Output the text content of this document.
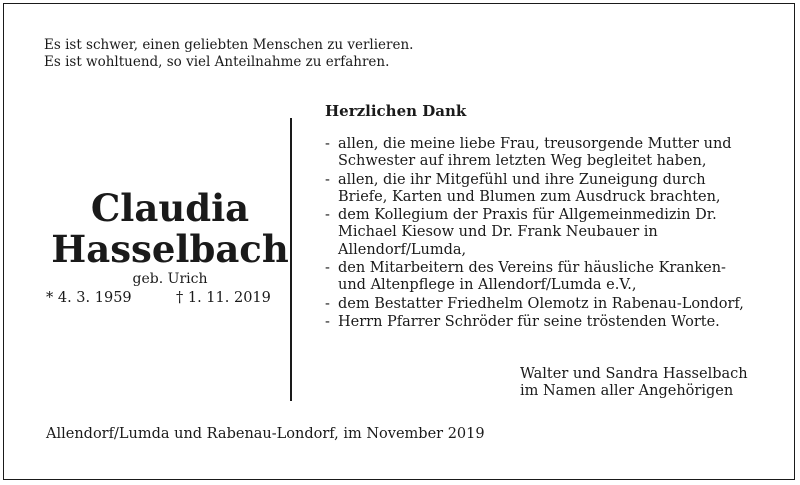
Es ist schwer, einen geliebten Menschen zu verlieren.
Es ist wohltuend, so viel Anteilnahme zu erfahren.
Claudia
Hasselbach
geb. Urich
* 4. 3. 1959	† 1. 11. 2019
Herzlichen Dank
- allen, die meine liebe Frau, treusorgende Mutter und Schwester auf ihrem letzten Weg begleitet haben,
- allen, die ihr Mitgefühl und ihre Zuneigung durch Briefe, Karten und Blumen zum Ausdruck brachten,
- dem Kollegium der Praxis für Allgemeinmedizin Dr. Michael Kiesow und Dr. Frank Neubauer in Allendorf/Lumda,
- den Mitarbeitern des Vereins für häusliche Kranken- und Altenpflege in Allendorf/Lumda e.V.,
- dem Bestatter Friedhelm Olemotz in Rabenau-Londorf,
- Herrn Pfarrer Schröder für seine tröstenden Worte.
Walter und Sandra Hasselbach
im Namen aller Angehörigen
Allendorf/Lumda und Rabenau-Londorf, im November 2019
